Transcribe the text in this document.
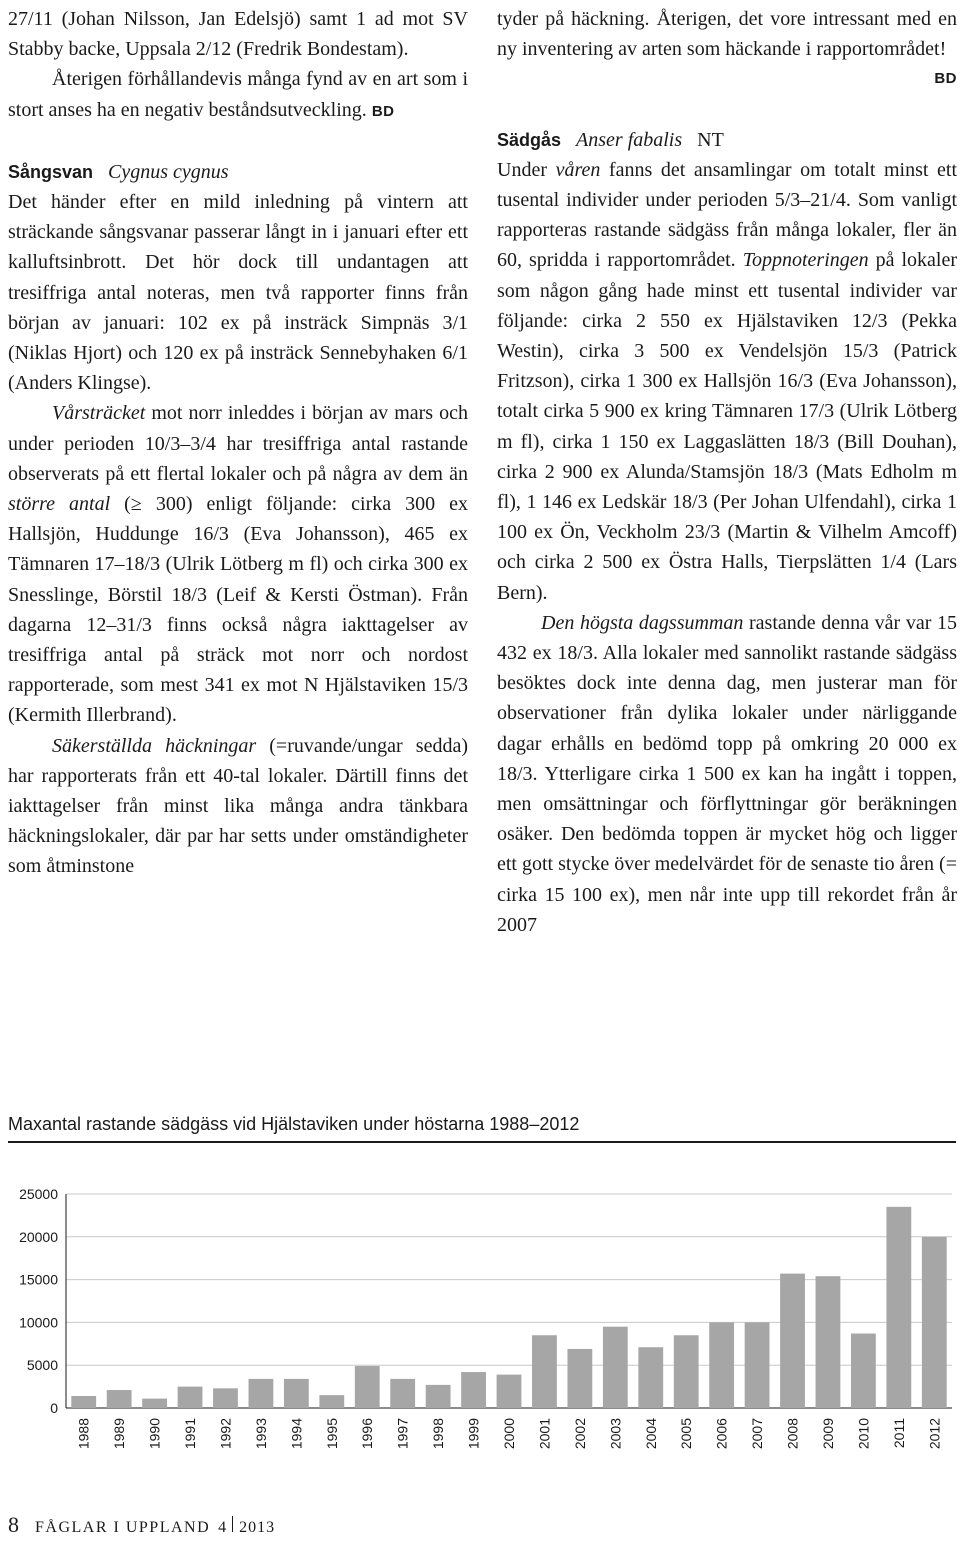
27/11 (Johan Nilsson, Jan Edelsjö) samt 1 ad mot SV Stabby backe, Uppsala 2/12 (Fredrik Bondestam).

Återigen förhållandevis många fynd av en art som i stort anses ha en negativ beståndsutveckling. BD

Sångsvan Cygnus cygnus

Det händer efter en mild inledning på vintern att sträckande sångsvanar passerar långt in i januari efter ett kalluftsinbrott. Det hör dock till undantagen att tresiffriga antal noteras, men två rapporter finns från början av januari: 102 ex på insträck Simpnäs 3/1 (Niklas Hjort) och 120 ex på insträck Sennebyhaken 6/1 (Anders Klingse).

Vårsträcket mot norr inleddes i början av mars och under perioden 10/3–3/4 har tresiffriga antal rastande observerats på ett flertal lokaler och på några av dem än större antal (≥ 300) enligt följande: cirka 300 ex Hallsjön, Huddunge 16/3 (Eva Johansson), 465 ex Tämnaren 17–18/3 (Ulrik Lötberg m fl) och cirka 300 ex Snesslinge, Börstil 18/3 (Leif & Kersti Östman). Från dagarna 12–31/3 finns också några iakttagelser av tresiffriga antal på sträck mot norr och nordost rapporterade, som mest 341 ex mot N Hjälstaviken 15/3 (Kermith Illerbrand).

Säkerställda häckningar (=ruvande/ungar sedda) har rapporterats från ett 40-tal lokaler. Därtill finns det iakttagelser från minst lika många andra tänkbara häckningslokaler, där par har setts under omständigheter som åtminstone

tyder på häckning. Återigen, det vore intressant med en ny inventering av arten som häckande i rapportområdet!
BD

Sädgås Anser fabalis NT

Under våren fanns det ansamlingar om totalt minst ett tusental individer under perioden 5/3–21/4. Som vanligt rapporteras rastande sädgäss från många lokaler, fler än 60, spridda i rapportområdet. Toppnoteringen på lokaler som någon gång hade minst ett tusental individer var följande: cirka 2 550 ex Hjälstaviken 12/3 (Pekka Westin), cirka 3 500 ex Vendelsjön 15/3 (Patrick Fritzson), cirka 1 300 ex Hallsjön 16/3 (Eva Johansson), totalt cirka 5 900 ex kring Tämnaren 17/3 (Ulrik Lötberg m fl), cirka 1 150 ex Laggaslätten 18/3 (Bill Douhan), cirka 2 900 ex Alunda/Stamsjön 18/3 (Mats Edholm m fl), 1 146 ex Ledskär 18/3 (Per Johan Ulfendahl), cirka 1 100 ex Ön, Veckholm 23/3 (Martin & Vilhelm Amcoff) och cirka 2 500 ex Östra Halls, Tierpslätten 1/4 (Lars Bern).

Den högsta dagssumman rastande denna vår var 15 432 ex 18/3. Alla lokaler med sannolikt rastande sädgäss besöktes dock inte denna dag, men justerar man för observationer från dylika lokaler under närliggande dagar erhålls en bedömd topp på omkring 20 000 ex 18/3. Ytterligare cirka 1 500 ex kan ha ingått i toppen, men omsättningar och förflyttningar gör beräkningen osäker. Den bedömda toppen är mycket hög och ligger ett gott stycke över medelvärdet för de senaste tio åren (= cirka 15 100 ex), men når inte upp till rekordet från år 2007

Maxantal rastande sädgäss vid Hjälstaviken under höstarna 1988–2012
0
5000
10000
15000
20000
25000
1988 1989 1990 1991 1992 1993 1994 1995 1996 1997 1998 1999 2000 2001 2002 2003 2004 2005 2006 2007 2008 2009 2010 2011 2012
8 FÅGLAR I UPPLAND 4 2013
